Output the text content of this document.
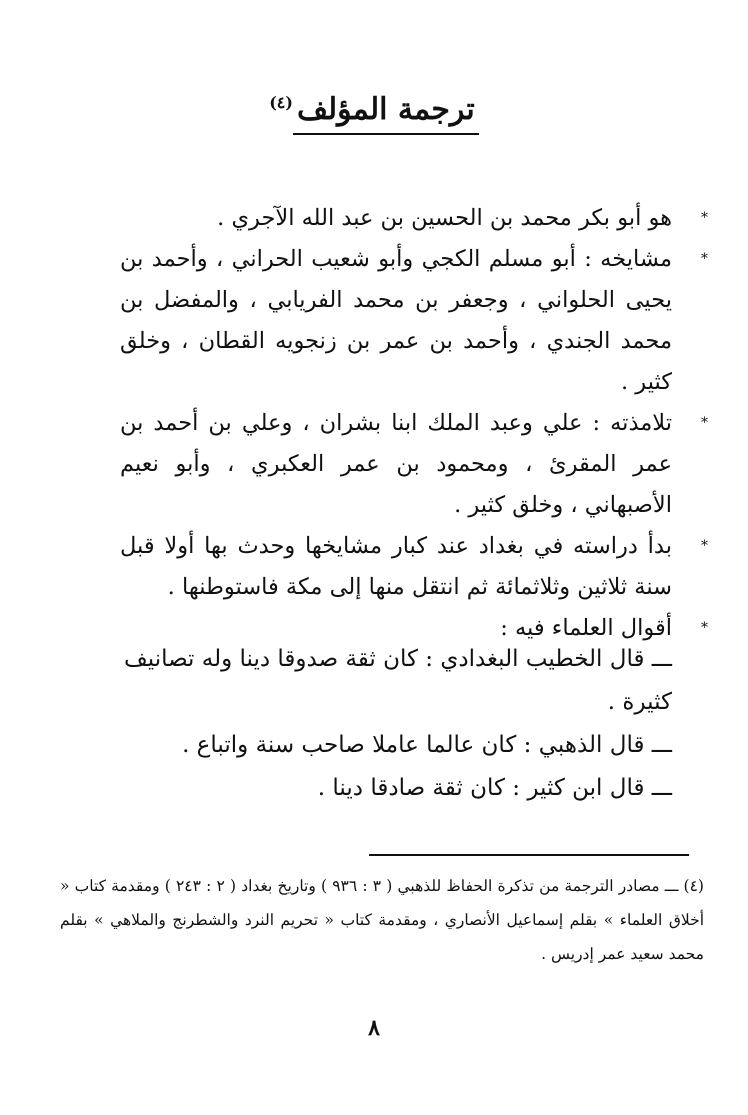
ترجمة المؤلف$^{(٤)}$

*
هو أبو بكر محمد بن الحسين بن عبد الله الآجري .

*
مشايخه : أبو مسلم الكجي وأبو شعيب الحراني ، وأحمد بن يحيى الحلواني ، وجعفر بن محمد الفريابي ، والمفضل بن محمد الجندي ، وأحمد بن عمر بن زنجويه القطان ، وخلق كثير .

*
تلامذته : علي وعبد الملك ابنا بشران ، وعلي بن أحمد بن عمر المقرئ ، ومحمود بن عمر العكبري ، وأبو نعيم الأصبهاني ، وخلق كثير .

*
بدأ دراسته في بغداد عند كبار مشايخها وحدث بها أولا قبل سنة ثلاثين وثلاثمائة ثم انتقل منها إلى مكة فاستوطنها .

*
أقوال العلماء فيه :

ـــ قال الخطيب البغدادي : كان ثقة صدوقا دينا وله تصانيف كثيرة .

ـــ قال الذهبي : كان عالما عاملا صاحب سنة واتباع .

ـــ قال ابن كثير : كان ثقة صادقا دينا .

(٤) ـــ مصادر الترجمة من تذكرة الحفاظ للذهبي ( ٣ : ٩٣٦ ) وتاريخ بغداد ( ٢ : ٢٤٣ ) ومقدمة كتاب « أخلاق العلماء » بقلم إسماعيل الأنصاري ، ومقدمة كتاب « تحريم النرد والشطرنج والملاهي » بقلم محمد سعيد عمر إدريس .

٨
